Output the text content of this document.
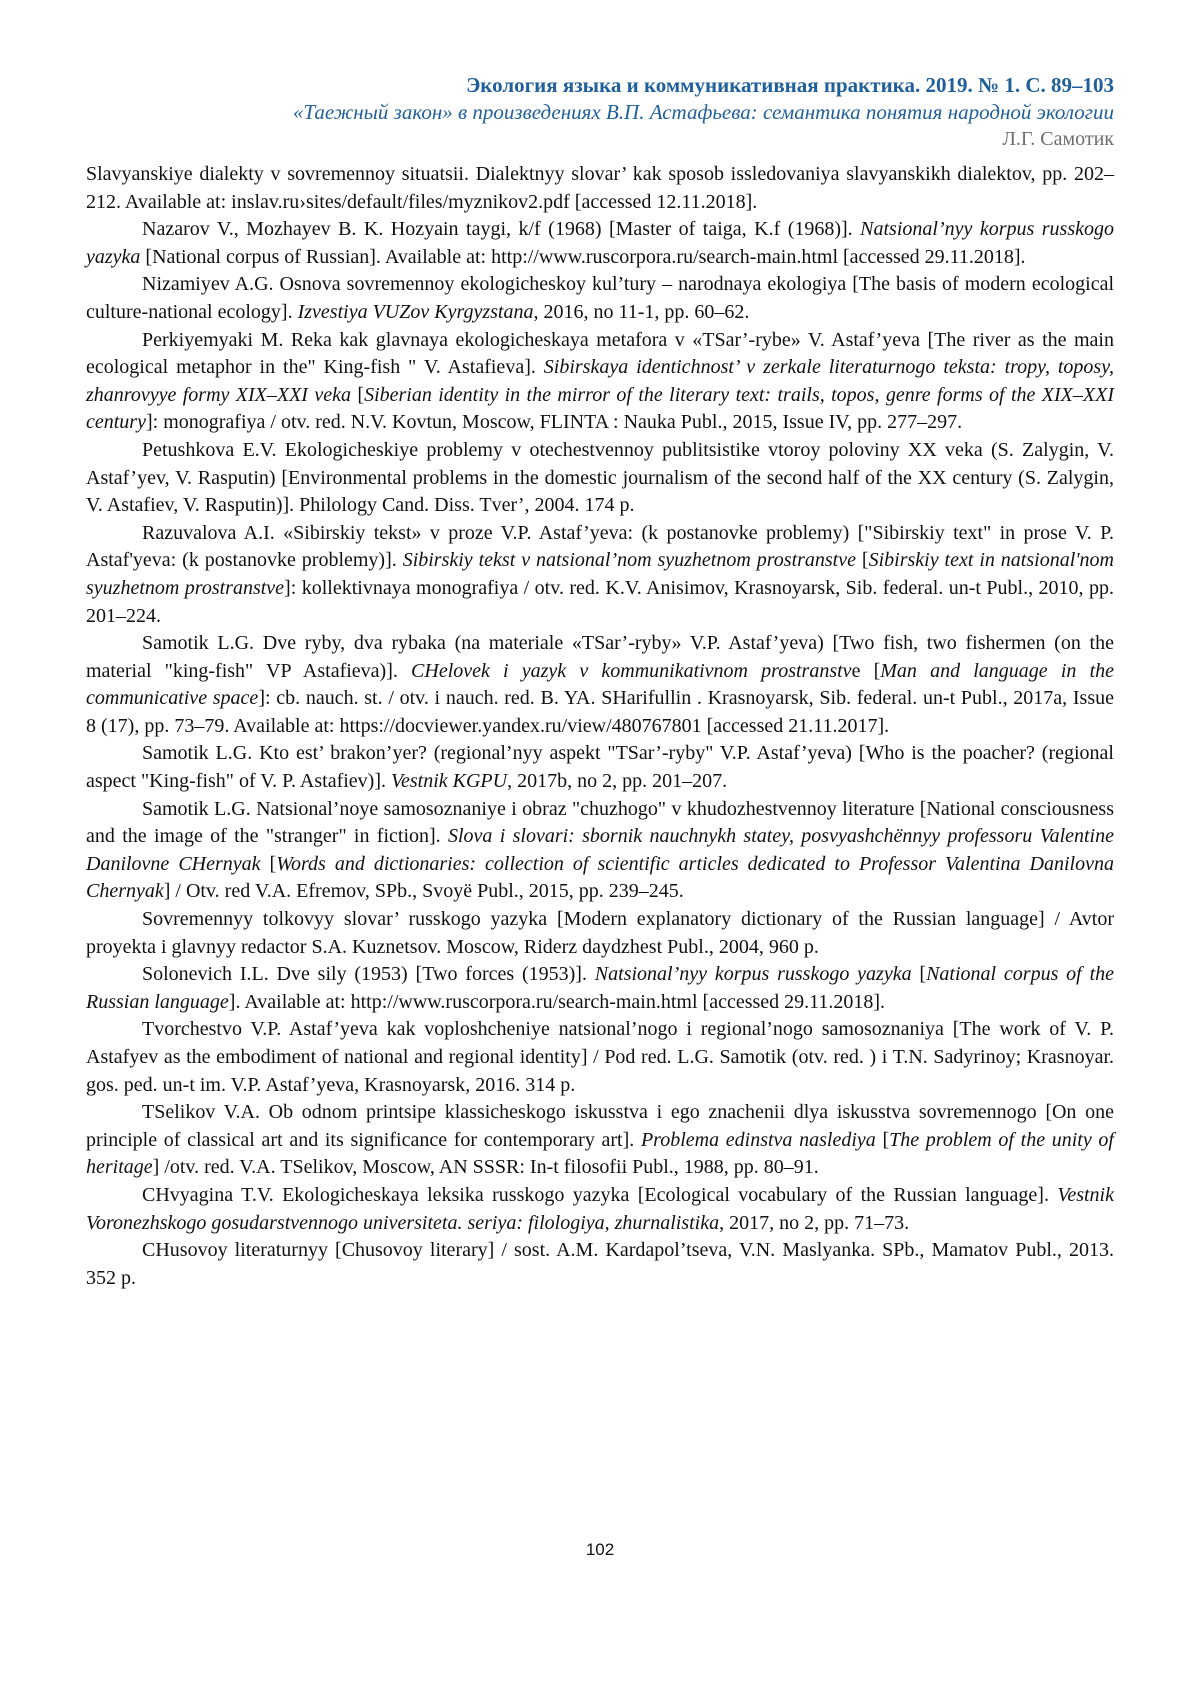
Экология языка и коммуникативная практика. 2019. № 1. С. 89–103
«Таежный закон» в произведениях В.П. Астафьева: семантика понятия народной экологии
Л.Г. Самотик

Slavyanskiye dialekty v sovremennoy situatsii. Dialektnyy slovar’ kak sposob issledovaniya slavyanskikh dialektov, pp. 202–212. Available at: inslav.ru›sites/default/files/myznikov2.pdf [accessed 12.11.2018].

Nazarov V., Mozhayev B. K. Hozyain taygi, k/f (1968) [Master of taiga, K.f (1968)]. Natsional’nyy korpus russkogo yazyka [National corpus of Russian]. Available at: http://www.ruscorpora.ru/search-main.html [accessed 29.11.2018].

Nizamiyev A.G. Osnova sovremennoy ekologicheskoy kul’tury – narodnaya ekologiya [The basis of modern ecological culture-national ecology]. Izvestiya VUZov Kyrgyzstana, 2016, no 11-1, pp. 60–62.

Perkiyemyaki M. Reka kak glavnaya ekologicheskaya metafora v «TSar’-rybe» V. Astaf’yeva [The river as the main ecological metaphor in the" King-fish " V. Astafieva]. Sibirskaya identichnost’ v zerkale literaturnogo teksta: tropy, toposy, zhanrovyye formy XIX–XXI veka [Siberian identity in the mirror of the literary text: trails, topos, genre forms of the XIX–XXI century]: monografiya / otv. red. N.V. Kovtun, Moscow, FLINTA : Nauka Publ., 2015, Issue IV, pp. 277–297.

Petushkova E.V. Ekologicheskiye problemy v otechestvennoy publitsistike vtoroy poloviny XX veka (S. Zalygin, V. Astaf’yev, V. Rasputin) [Environmental problems in the domestic journalism of the second half of the XX century (S. Zalygin, V. Astafiev, V. Rasputin)]. Philology Cand. Diss. Tver’, 2004. 174 p.

Razuvalova A.I. «Sibirskiy tekst» v proze V.P. Astaf’yeva: (k postanovke problemy) ["Sibirskiy text" in prose V. P. Astaf'yeva: (k postanovke problemy)]. Sibirskiy tekst v natsional’nom syuzhetnom prostranstve [Sibirskiy text in natsional'nom syuzhetnom prostranstve]: kollektivnaya monografiya / otv. red. K.V. Anisimov, Krasnoyarsk, Sib. federal. un-t Publ., 2010, pp. 201–224.

Samotik L.G. Dve ryby, dva rybaka (na materiale «TSar’-ryby» V.P. Astaf’yeva) [Two fish, two fishermen (on the material "king-fish" VP Astafieva)]. CHelovek i yazyk v kommunikativnom prostranstve [Man and language in the communicative space]: cb. nauch. st. / otv. i nauch. red. B. YA. SHarifullin . Krasnoyarsk, Sib. federal. un-t Publ., 2017a, Issue 8 (17), pp. 73–79. Available at: https://docviewer.yandex.ru/view/480767801 [accessed 21.11.2017].

Samotik L.G. Kto est’ brakon’yer? (regional’nyy aspekt "TSar’-ryby" V.P. Astaf’yeva) [Who is the poacher? (regional aspect "King-fish" of V. P. Astafiev)]. Vestnik KGPU, 2017b, no 2, pp. 201–207.

Samotik L.G. Natsional’noye samosoznaniye i obraz "chuzhogo" v khudozhestvennoy literature [National consciousness and the image of the "stranger" in fiction]. Slova i slovari: sbornik nauchnykh statey, posvyashchënnyy professoru Valentine Danilovne CHernyak [Words and dictionaries: collection of scientific articles dedicated to Professor Valentina Danilovna Chernyak] / Otv. red V.A. Efremov, SPb., Svoyë Publ., 2015, pp. 239–245.

Sovremennyy tolkovyy slovar’ russkogo yazyka [Modern explanatory dictionary of the Russian language] / Avtor proyekta i glavnyy redactor S.A. Kuznetsov. Moscow, Riderz daydzhest Publ., 2004, 960 p.

Solonevich I.L. Dve sily (1953) [Two forces (1953)]. Natsional’nyy korpus russkogo yazyka [National corpus of the Russian language]. Available at: http://www.ruscorpora.ru/search-main.html [accessed 29.11.2018].

Tvorchestvo V.P. Astaf’yeva kak voploshcheniye natsional’nogo i regional’nogo samosoznaniya [The work of V. P. Astafyev as the embodiment of national and regional identity] / Pod red. L.G. Samotik (otv. red. ) i T.N. Sadyrinoy; Krasnoyar. gos. ped. un-t im. V.P. Astaf’yeva, Krasnoyarsk, 2016. 314 p.

TSelikov V.A. Ob odnom printsipe klassicheskogo iskusstva i ego znachenii dlya iskusstva sovremennogo [On one principle of classical art and its significance for contemporary art]. Problema edinstva naslediya [The problem of the unity of heritage] /otv. red. V.A. TSelikov, Moscow, AN SSSR: In-t filosofii Publ., 1988, pp. 80–91.

CHvyagina T.V. Ekologicheskaya leksika russkogo yazyka [Ecological vocabulary of the Russian language]. Vestnik Voronezhskogo gosudarstvennogo universiteta. seriya: filologiya, zhurnalistika, 2017, no 2, pp. 71–73.

CHusovoy literaturnyy [Chusovoy literary] / sost. A.M. Kardapol’tseva, V.N. Maslyanka. SPb., Mamatov Publ., 2013. 352 p.

102
